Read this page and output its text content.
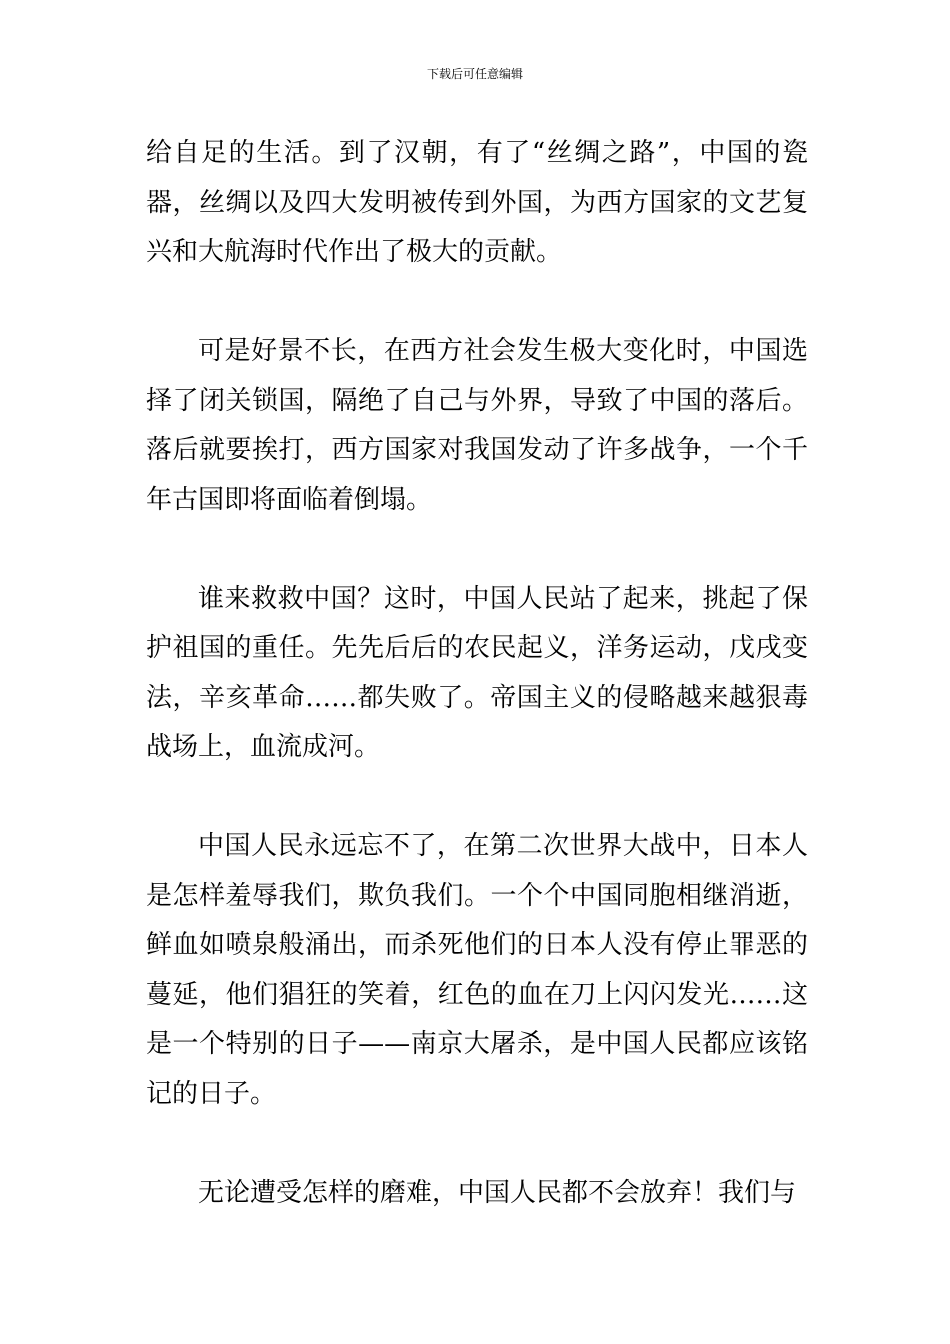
下载后可任意编辑

给自足的生活。到了汉朝，有了“丝绸之路”，中国的瓷器，丝绸以及四大发明被传到外国，为西方国家的文艺复兴和大航海时代作出了极大的贡献。

可是好景不长，在西方社会发生极大变化时，中国选择了闭关锁国，隔绝了自己与外界，导致了中国的落后。落后就要挨打，西方国家对我国发动了许多战争，一个千年古国即将面临着倒塌。

谁来救救中国？这时，中国人民站了起来，挑起了保护祖国的重任。先先后后的农民起义，洋务运动，戊戌变法，辛亥革命……都失败了。帝国主义的侵略越来越狠毒战场上，血流成河。

中国人民永远忘不了，在第二次世界大战中，日本人是怎样羞辱我们，欺负我们。一个个中国同胞相继消逝，鲜血如喷泉般涌出，而杀死他们的日本人没有停止罪恶的蔓延，他们猖狂的笑着，红色的血在刀上闪闪发光……这是一个特别的日子——南京大屠杀，是中国人民都应该铭记的日子。

无论遭受怎样的磨难，中国人民都不会放弃！我们与
